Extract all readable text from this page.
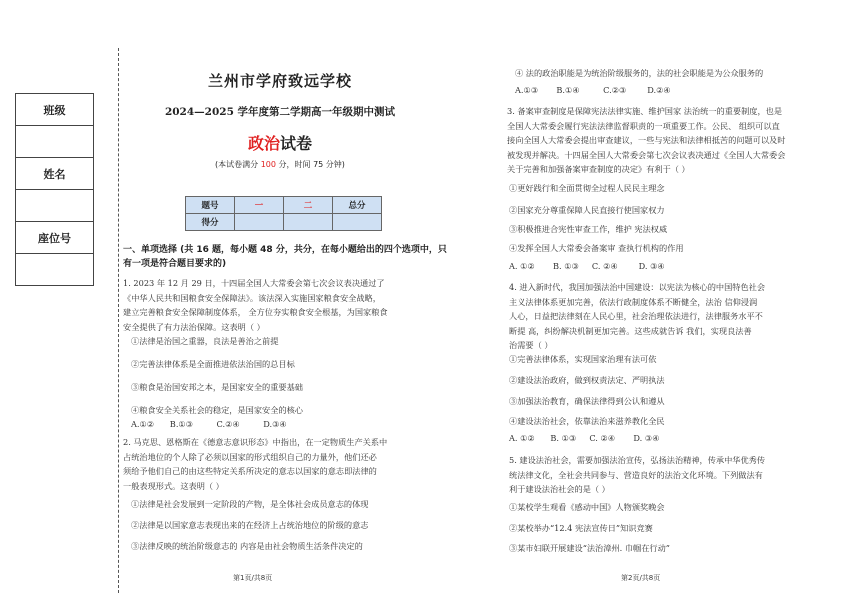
班级
姓名
座位号
兰州市学府致远学校
2024—2025 学年度第二学期高一年级期中测试
政治试卷
(本试卷满分 100 分，时间 75 分钟)
题号	一	二	总分
得分			
一、单项选择 (共 16 题，每小题 48 分，共分，在每小题给出的四个选项中，只
有一项是符合题目要求的)
1. 2023 年 12 月 29 日，十四届全国人大常委会第七次会议表决通过了
《中华人民共和国粮食安全保障法》。该法深入实施国家粮食安全战略，
建立完善粮食安全保障制度体系， 全方位夯实粮食安全根基，为国家粮食
安全提供了有力法治保障。这表明（ ）
①法律是治国之重器，良法是善治之前提
②完善法律体系是全面推进依法治国的总目标
③粮食是治国安邦之本，是国家安全的重要基础
④粮食安全关系社会的稳定，是国家安全的核心
A.①②      B.①③         C.②④         D.③④
2. 马克思、恩格斯在《德意志意识形态》中指出，在一定物质生产关系中
占统治地位的个人除了必须以国家的形式组织自己的力量外，他们还必
须给予他们自己的由这些特定关系所决定的意志以国家的意志即法律的
一般表现形式。这表明（ ）
①法律是社会发展到一定阶段的产物，是全体社会成员意志的体现
②法律是以国家意志表现出来的在经济上占统治地位的阶级的意志
③法律反映的统治阶级意志的 内容是由社会物质生活条件决定的
第1页/共8页
④ 法的政治职能是为统治阶级服务的，法的社会职能是为公众服务的
A.①③       B.①④         C.②③        D.②④
3. 备案审查制度是保障宪法法律实施、维护国家 法治统一的重要制度，也是
全国人大常委会履行宪法法律监督职责的一项重要工作。公民、 组织可以直
接向全国人大常委会提出审查建议，一些与宪法和法律相抵苦的问题可以及时
被发现并解决。十四届全国人大常委会第七次会议表决通过《全国人大常委会
关于完善和加强备案审查制度的决定》有利于（ ）
①更好践行和全面贯彻全过程人民民主理念
②国家充分尊重保障人民直接行使国家权力
③积极推进合宪性审查工作，维护 宪法权威
④发挥全国人大常委会备案审 查执行机构的作用
A. ①②       B. ①③     C. ②④        D. ③④
4. 进入新时代，我国加强法治中国建设：以宪法为核心的中国特色社会
主义法律体系更加完善，依法行政制度体系不断健全，法治 信仰浸润
人心，日益把法律刻在人民心里，社会治理依法进行，法律服务水平不
断提 高，纠纷解决机制更加完善。这些成就告诉 我们，实现良法善
治需要（ ）
①完善法律体系，实现国家治理有法可依
②建设法治政府，做到权责法定、严明执法
③加强法治教育，确保法律得到公认和遵从
④建设法治社会，依靠法治来滋养教化全民
A. ①②      B. ①③     C. ②④       D. ③④
5. 建设法治社会，需要加强法治宣传，弘扬法治精神，传承中华优秀传
统法律文化，全社会共同参与、营造良好的法治文化环境。下列做法有
利于建设法治社会的是（ ）
①某校学生观看《感动中国》人物颁奖晚会
②某校举办“12.4 宪法宣传日”知识竞赛
③某市妇联开展建设“法治漳州. 巾帼在行动”
第2页/共8页
